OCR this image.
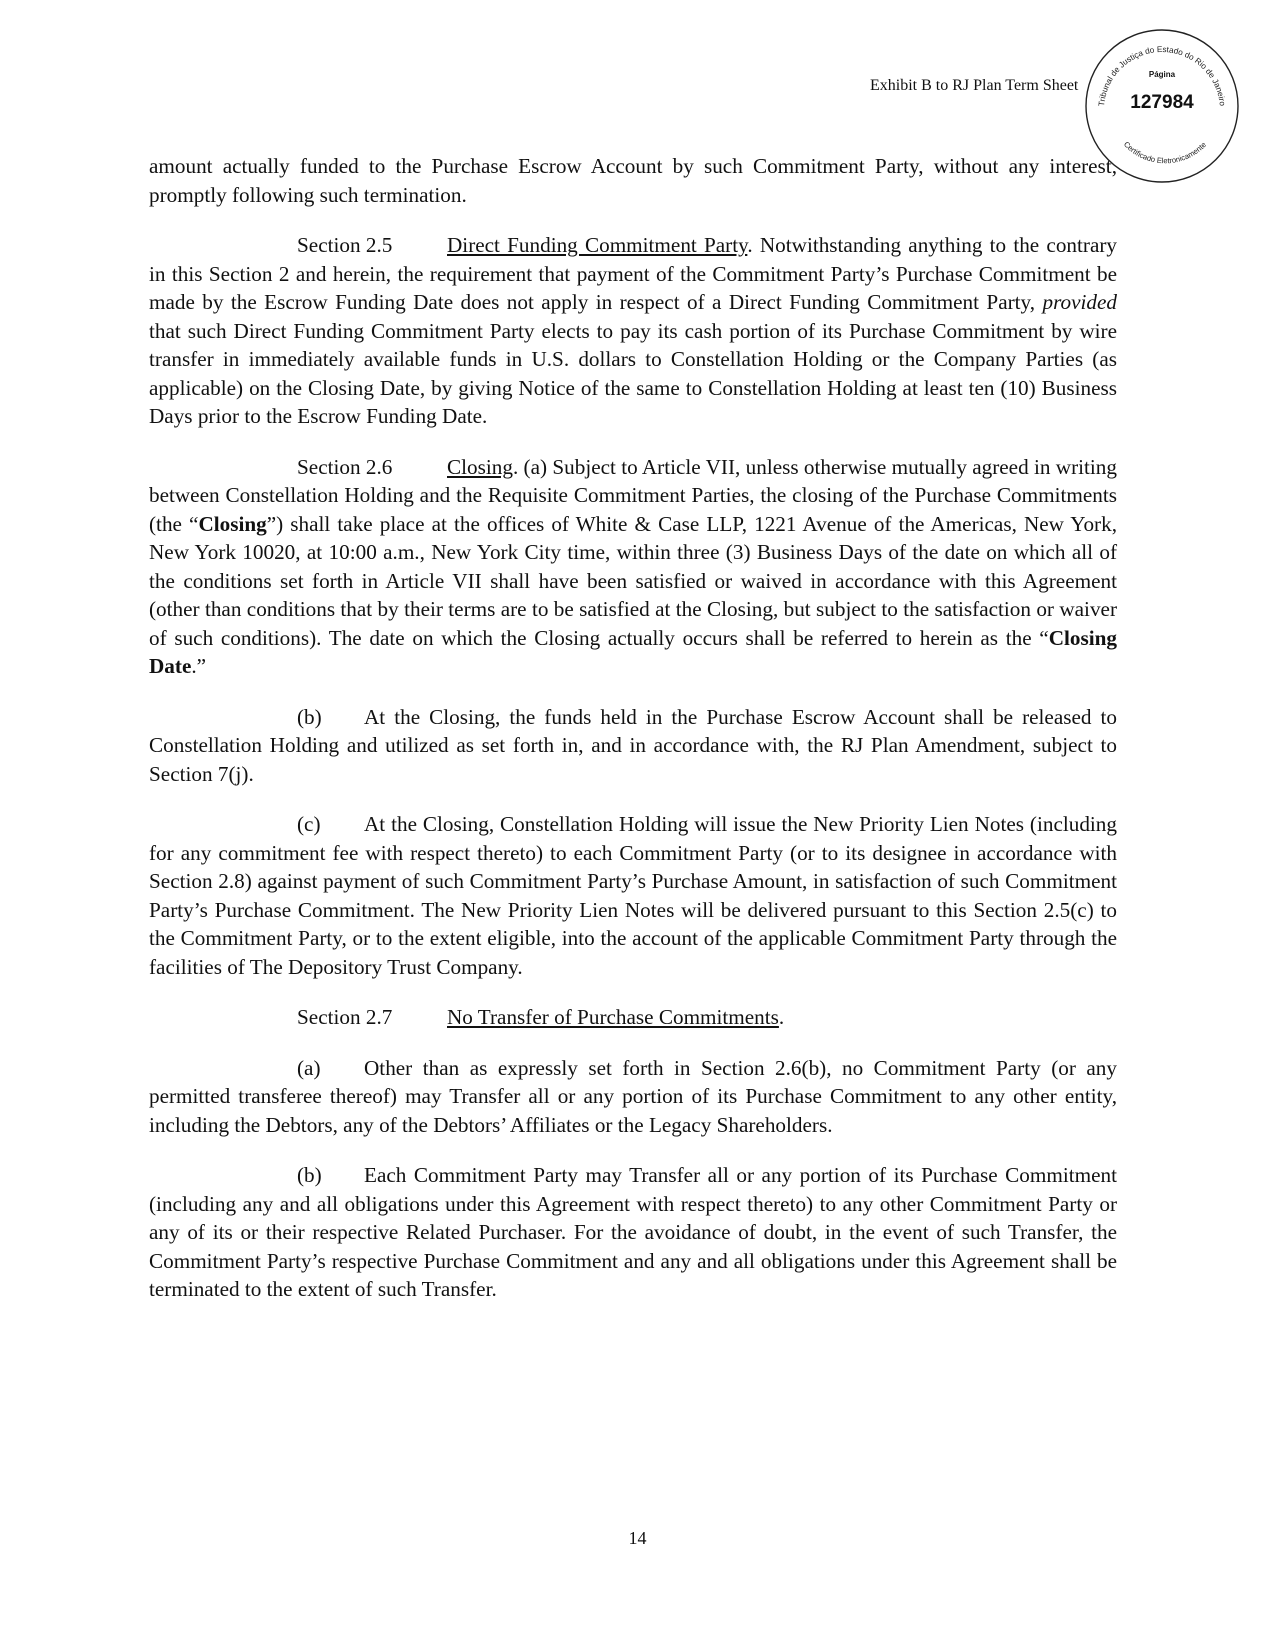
Exhibit B to RJ Plan Term Sheet
Tribunal de Justiça do Estado do Rio de Janeiro
Certificado Eletronicamente
Página
127984

amount actually funded to the Purchase Escrow Account by such Commitment Party, without any interest, promptly following such termination.

Section 2.5	Direct Funding Commitment Party. Notwithstanding anything to the contrary in this Section 2 and herein, the requirement that payment of the Commitment Party’s Purchase Commitment be made by the Escrow Funding Date does not apply in respect of a Direct Funding Commitment Party, provided that such Direct Funding Commitment Party elects to pay its cash portion of its Purchase Commitment by wire transfer in immediately available funds in U.S. dollars to Constellation Holding or the Company Parties (as applicable) on the Closing Date, by giving Notice of the same to Constellation Holding at least ten (10) Business Days prior to the Escrow Funding Date.

Section 2.6	Closing. (a) Subject to Article VII, unless otherwise mutually agreed in writing between Constellation Holding and the Requisite Commitment Parties, the closing of the Purchase Commitments (the “Closing”) shall take place at the offices of White & Case LLP, 1221 Avenue of the Americas, New York, New York 10020, at 10:00 a.m., New York City time, within three (3) Business Days of the date on which all of the conditions set forth in Article VII shall have been satisfied or waived in accordance with this Agreement (other than conditions that by their terms are to be satisfied at the Closing, but subject to the satisfaction or waiver of such conditions). The date on which the Closing actually occurs shall be referred to herein as the “Closing Date.”

(b) At the Closing, the funds held in the Purchase Escrow Account shall be released to Constellation Holding and utilized as set forth in, and in accordance with, the RJ Plan Amendment, subject to Section 7(j).

(c) At the Closing, Constellation Holding will issue the New Priority Lien Notes (including for any commitment fee with respect thereto) to each Commitment Party (or to its designee in accordance with Section 2.8) against payment of such Commitment Party’s Purchase Amount, in satisfaction of such Commitment Party’s Purchase Commitment. The New Priority Lien Notes will be delivered pursuant to this Section 2.5(c) to the Commitment Party, or to the extent eligible, into the account of the applicable Commitment Party through the facilities of The Depository Trust Company.

Section 2.7	No Transfer of Purchase Commitments.

(a) Other than as expressly set forth in Section 2.6(b), no Commitment Party (or any permitted transferee thereof) may Transfer all or any portion of its Purchase Commitment to any other entity, including the Debtors, any of the Debtors’ Affiliates or the Legacy Shareholders.

(b) Each Commitment Party may Transfer all or any portion of its Purchase Commitment (including any and all obligations under this Agreement with respect thereto) to any other Commitment Party or any of its or their respective Related Purchaser. For the avoidance of doubt, in the event of such Transfer, the Commitment Party’s respective Purchase Commitment and any and all obligations under this Agreement shall be terminated to the extent of such Transfer.

14
